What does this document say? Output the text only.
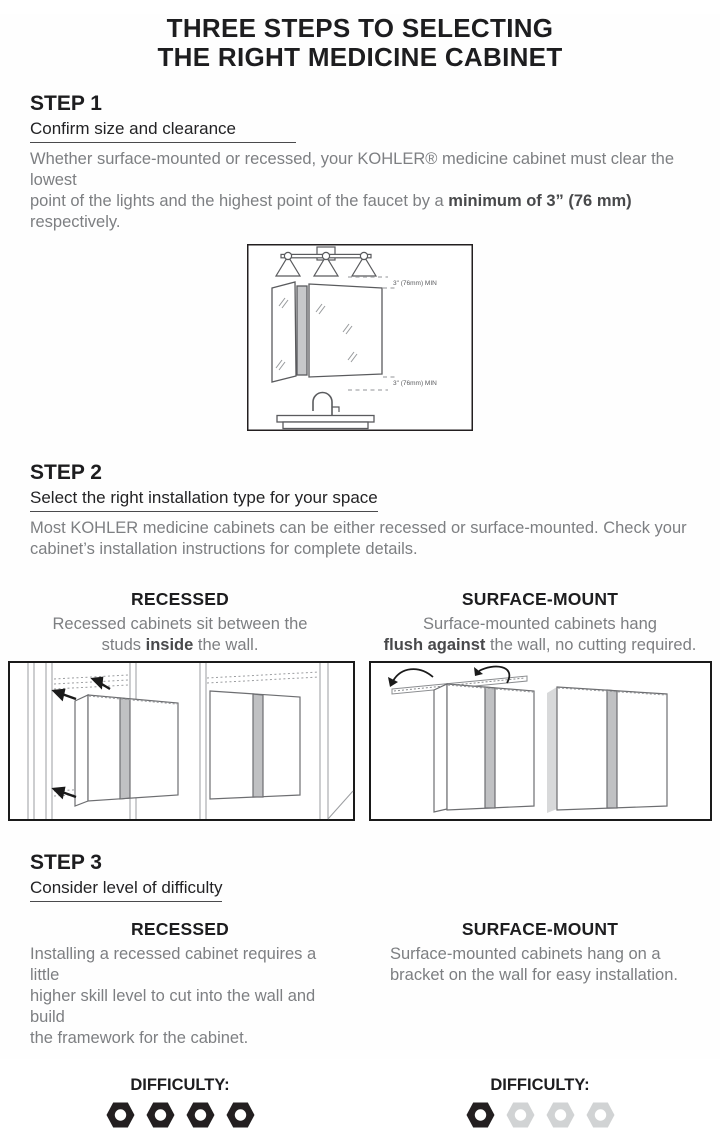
THREE STEPS TO SELECTING
THE RIGHT MEDICINE CABINET
STEP 1
Confirm size and clearance

Whether surface-mounted or recessed, your KOHLER® medicine cabinet must clear the lowest
point of the lights and the highest point of the faucet by a minimum of 3” (76 mm) respectively.

3" (76mm) MIN
3" (76mm) MIN
STEP 2
Select the right installation type for your space

Most KOHLER medicine cabinets can be either recessed or surface-mounted. Check your
cabinet’s installation instructions for complete details.

RECESSED

Recessed cabinets sit between the
studs inside the wall.

SURFACE-MOUNT

Surface-mounted cabinets hang
flush against the wall, no cutting required.

STEP 3
Consider level of difficulty
RECESSED

Installing a recessed cabinet requires a little
higher skill level to cut into the wall and build
the framework for the cabinet.

SURFACE-MOUNT

Surface-mounted cabinets hang on a
bracket on the wall for easy installation.

DIFFICULTY:	DIFFICULTY:
